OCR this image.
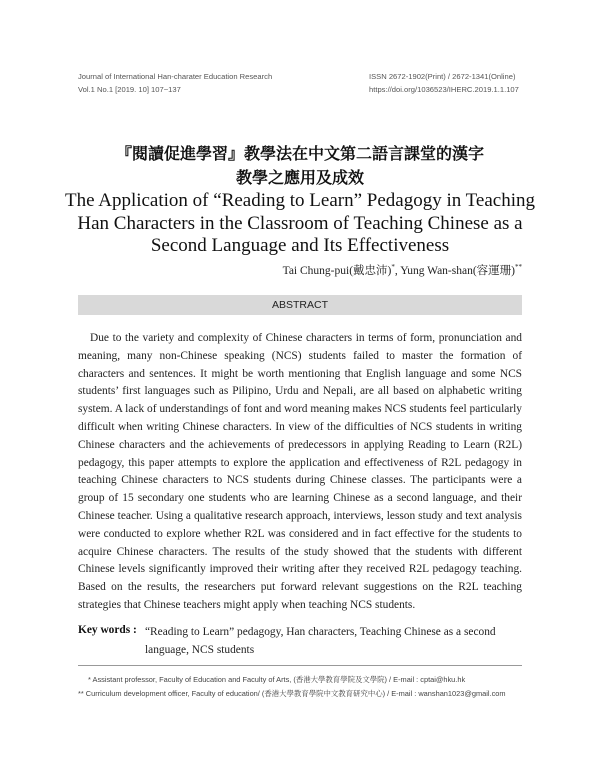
Journal of International Han-charater Education Research
Vol.1 No.1 [2019. 10] 107~137
ISSN 2672-1902(Print) / 2672-1341(Online)
https://doi.org/1036523/IHERC.2019.1.1.107
『閱讀促進學習』教學法在中文第二語言課堂的漢字
教學之應用及成效
The Application of “Reading to Learn” Pedagogy in Teaching Han Characters in the Classroom of Teaching Chinese as a Second Language and Its Effectiveness
Tai Chung-pui(戴忠沛)*, Yung Wan-shan(容運珊)**
ABSTRACT

Due to the variety and complexity of Chinese characters in terms of form, pronunciation and meaning, many non-Chinese speaking (NCS) students failed to master the formation of characters and sentences. It might be worth mentioning that English language and some NCS students’ first languages such as Pilipino, Urdu and Nepali, are all based on alphabetic writing system. A lack of understandings of font and word meaning makes NCS students feel particularly difficult when writing Chinese characters. In view of the difficulties of NCS students in writing Chinese characters and the achievements of predecessors in applying Reading to Learn (R2L) pedagogy, this paper attempts to explore the application and effectiveness of R2L pedagogy in teaching Chinese characters to NCS students during Chinese classes. The participants were a group of 15 secondary one students who are learning Chinese as a second language, and their Chinese teacher. Using a qualitative research approach, interviews, lesson study and text analysis were conducted to explore whether R2L was considered and in fact effective for the students to acquire Chinese characters. The results of the study showed that the students with different Chinese levels significantly improved their writing after they received R2L pedagogy teaching. Based on the results, the researchers put forward relevant suggestions on the R2L teaching strategies that Chinese teachers might apply when teaching NCS students.

Key words : “Reading to Learn” pedagogy, Han characters, Teaching Chinese as a second language, NCS students
* Assistant professor, Faculty of Education and Faculty of Arts, (香港大學教育學院及文學院) / E-mail : cptai@hku.hk
** Curriculum development officer, Faculty of education/ (香港大學教育學院中文教育研究中心) / E-mail : wanshan1023@gmail.com
